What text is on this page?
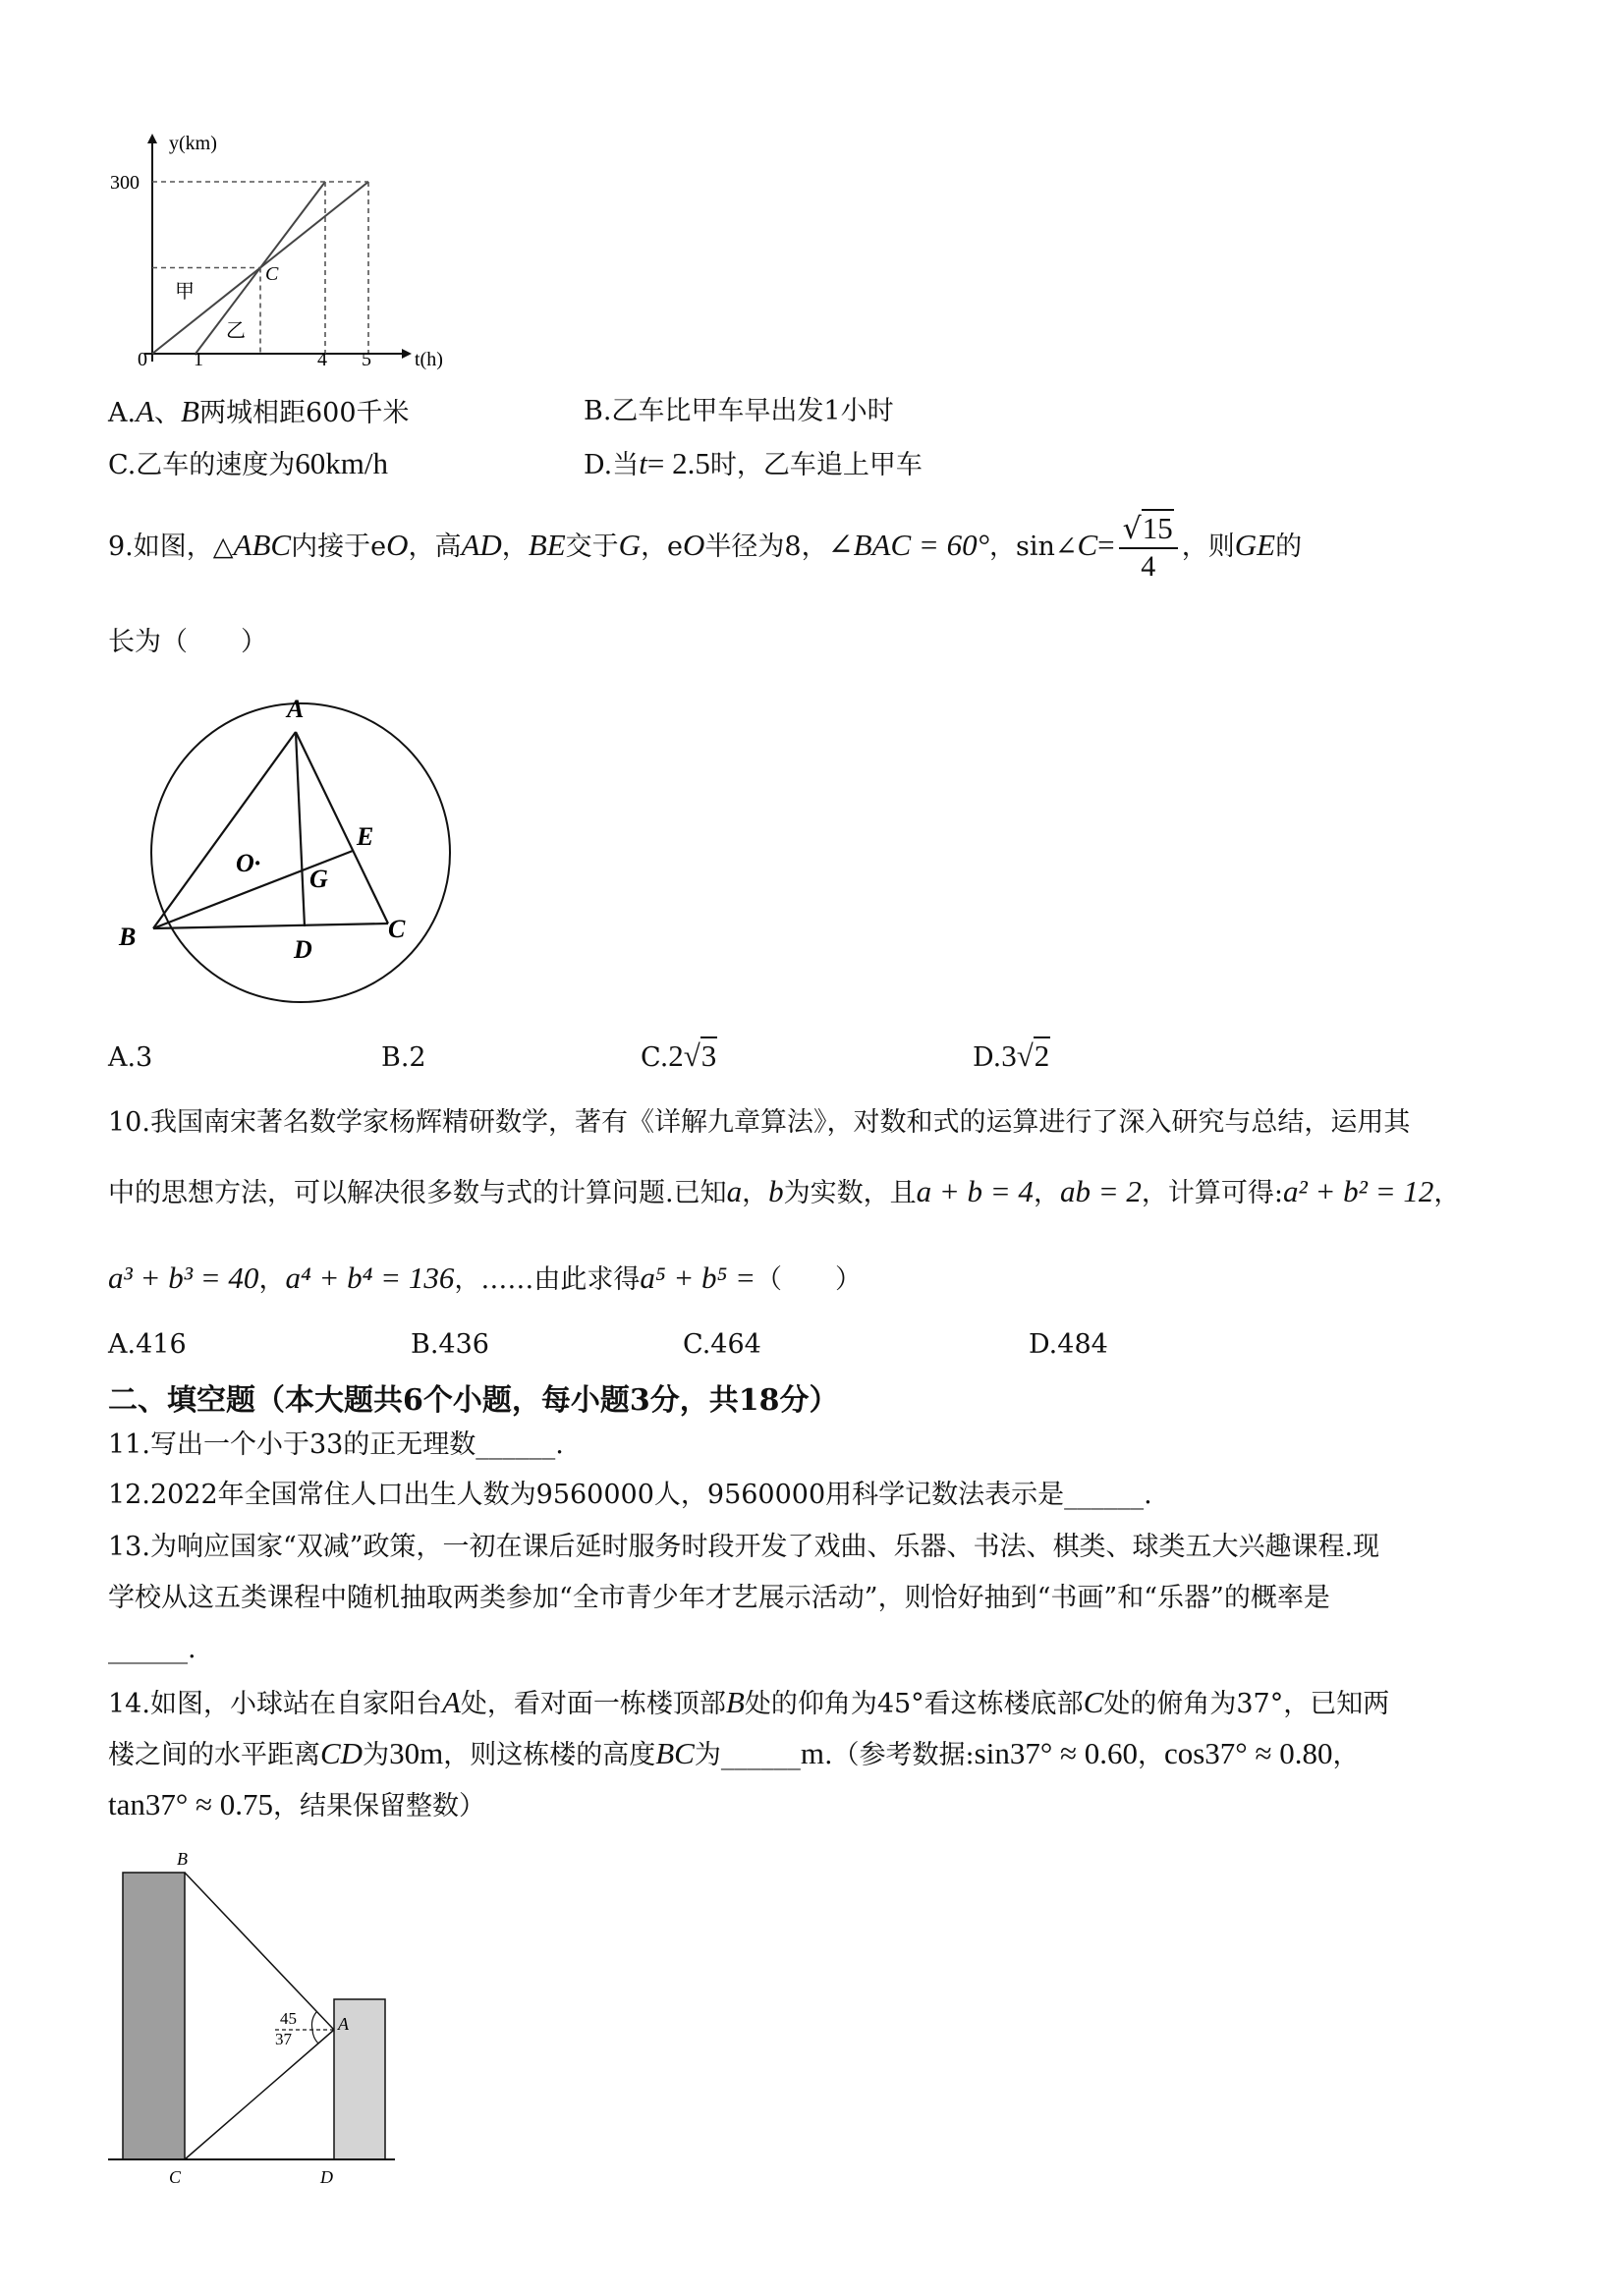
y(km)
t(h)
300
0 1	4 5
C
甲
乙
A.A、B两城相距600千米	B.乙车比甲车早出发1小时
C.乙车的速度为60km/h	D.当t= 2.5时，乙车追上甲车
9.如图，△ABC内接于eO，高AD，BE交于G，eO半径为8，∠BAC = 60°，sin∠C= $\frac{√15}{4}$ ，则GE的
长为（　　）
A
B	C
D
E
G
O·
A.3	B.2	C.2√3	D.3√2
10.我国南宋著名数学家杨辉精研数学，著有《详解九章算法》，对数和式的运算进行了深入研究与总结，运用其
中的思想方法，可以解决很多数与式的计算问题.已知a，b为实数，且a + b = 4，ab = 2，计算可得:a² + b² = 12，
a³ + b³ = 40，a⁴ + b⁴ = 136，……由此求得a⁵ + b⁵ =（　　）
A.416	B.436	C.464	D.484
二、填空题（本大题共6个小题，每小题3分，共18分）
11.写出一个小于33的正无理数______.
12.2022年全国常住人口出生人数为9560000人，9560000用科学记数法表示是______.
13.为响应国家“双减”政策，一初在课后延时服务时段开发了戏曲、乐器、书法、棋类、球类五大兴趣课程.现
学校从这五类课程中随机抽取两类参加“全市青少年才艺展示活动”，则恰好抽到“书画”和“乐器”的概率是
______.
14.如图，小球站在自家阳台A处，看对面一栋楼顶部B处的仰角为45°看这栋楼底部C处的俯角为37°，已知两
楼之间的水平距离CD为30m，则这栋楼的高度BC为______m.（参考数据:sin37° ≈ 0.60，cos37° ≈ 0.80，
tan37° ≈ 0.75，结果保留整数）
B
A
C	D
45
37
